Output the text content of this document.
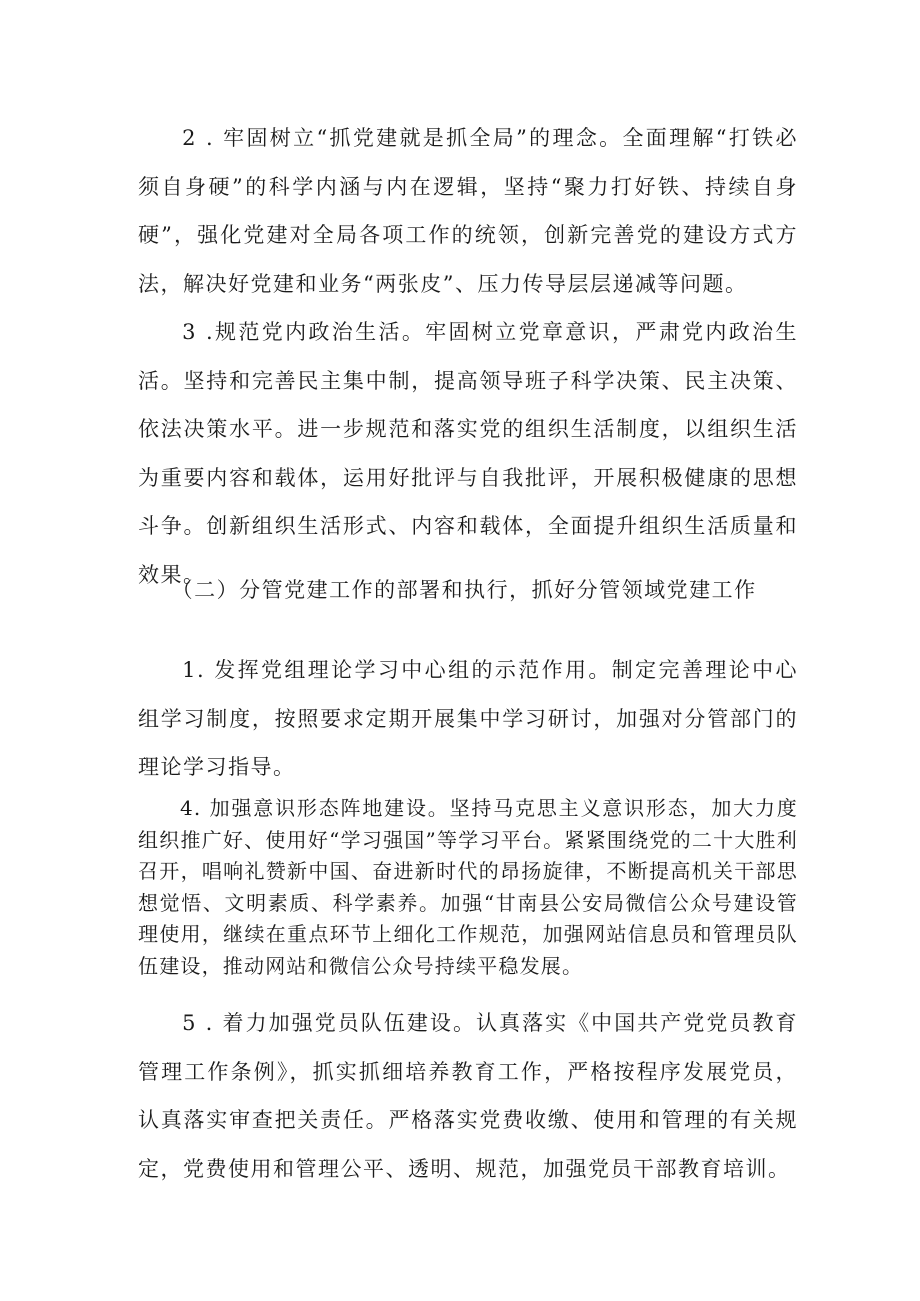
2 . 牢固树立“抓党建就是抓全局”的理念。全面理解“打铁必须自身硬”的科学内涵与内在逻辑，坚持“聚力打好铁、持续自身硬”，强化党建对全局各项工作的统领，创新完善党的建设方式方法，解决好党建和业务“两张皮”、压力传导层层递减等问题。

3 .规范党内政治生活。牢固树立党章意识，严肃党内政治生活。坚持和完善民主集中制，提高领导班子科学决策、民主决策、依法决策水平。进一步规范和落实党的组织生活制度，以组织生活为重要内容和载体，运用好批评与自我批评，开展积极健康的思想斗争。创新组织生活形式、内容和载体，全面提升组织生活质量和效果。

（二）分管党建工作的部署和执行，抓好分管领域党建工作

1. 发挥党组理论学习中心组的示范作用。制定完善理论中心组学习制度，按照要求定期开展集中学习研讨，加强对分管部门的理论学习指导。

4. 加强意识形态阵地建设。坚持马克思主义意识形态，加大力度组织推广好、使用好“学习强国”等学习平台。紧紧围绕党的二十大胜利召开，唱响礼赞新中国、奋进新时代的昂扬旋律，不断提高机关干部思想觉悟、文明素质、科学素养。加强“甘南县公安局微信公众号建设管理使用，继续在重点环节上细化工作规范，加强网站信息员和管理员队伍建设，推动网站和微信公众号持续平稳发展。

5 . 着力加强党员队伍建设。认真落实《中国共产党党员教育管理工作条例》，抓实抓细培养教育工作，严格按程序发展党员，认真落实审查把关责任。严格落实党费收缴、使用和管理的有关规定，党费使用和管理公平、透明、规范，加强党员干部教育培训。
